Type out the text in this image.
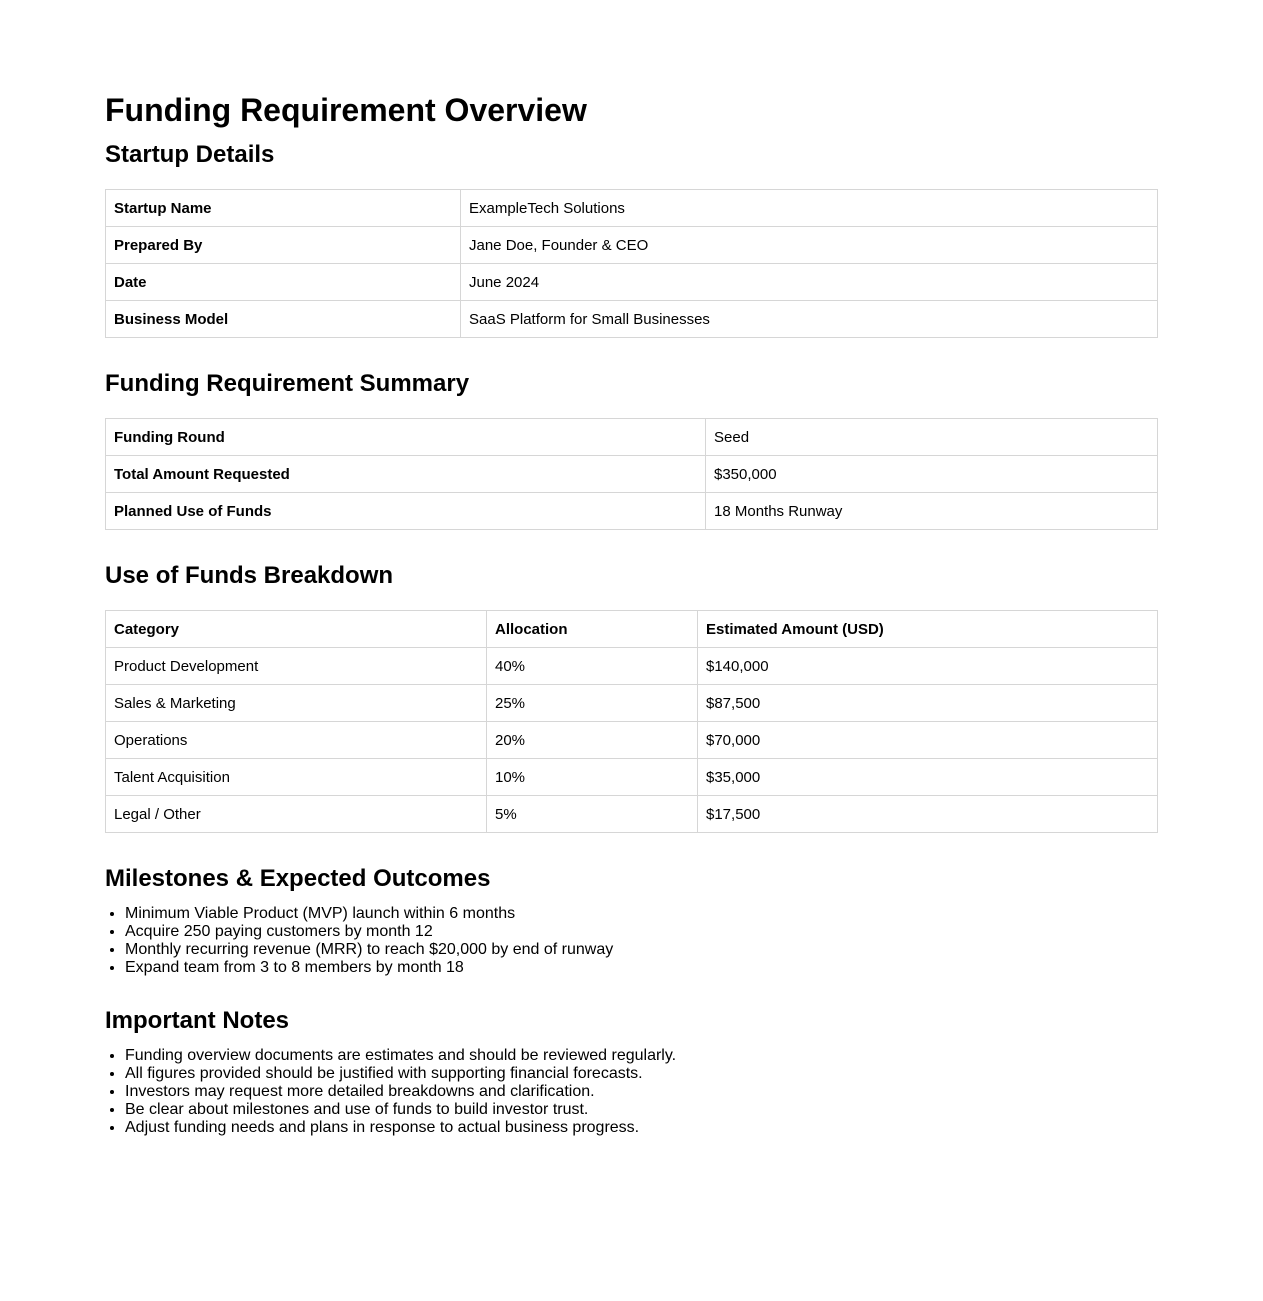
Funding Requirement Overview
Startup Details
Startup Name	ExampleTech Solutions
Prepared By	Jane Doe, Founder & CEO
Date	June 2024
Business Model	SaaS Platform for Small Businesses
Funding Requirement Summary
Funding Round	Seed
Total Amount Requested	$350,000
Planned Use of Funds	18 Months Runway
Use of Funds Breakdown
Category	Allocation	Estimated Amount (USD)
Product Development	40%	$140,000
Sales & Marketing	25%	$87,500
Operations	20%	$70,000
Talent Acquisition	10%	$35,000
Legal / Other	5%	$17,500
Milestones & Expected Outcomes
• Minimum Viable Product (MVP) launch within 6 months
• Acquire 250 paying customers by month 12
• Monthly recurring revenue (MRR) to reach $20,000 by end of runway
• Expand team from 3 to 8 members by month 18
Important Notes
• Funding overview documents are estimates and should be reviewed regularly.
• All figures provided should be justified with supporting financial forecasts.
• Investors may request more detailed breakdowns and clarification.
• Be clear about milestones and use of funds to build investor trust.
• Adjust funding needs and plans in response to actual business progress.
